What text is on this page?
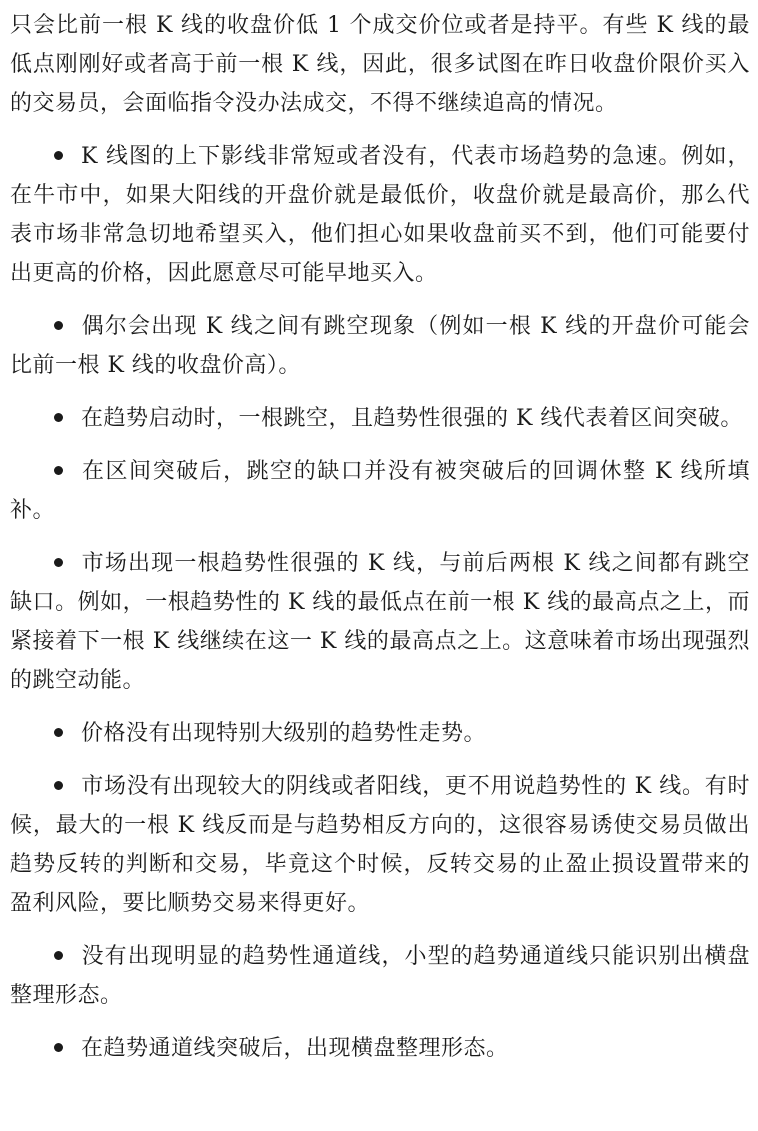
只会比前一根 K 线的收盘价低 1 个成交价位或者是持平。有些 K 线的最低点刚刚好或者高于前一根 K 线，因此，很多试图在昨日收盘价限价买入的交易员，会面临指令没办法成交，不得不继续追高的情况。

K 线图的上下影线非常短或者没有，代表市场趋势的急速。例如，在牛市中，如果大阳线的开盘价就是最低价，收盘价就是最高价，那么代表市场非常急切地希望买入，他们担心如果收盘前买不到，他们可能要付出更高的价格，因此愿意尽可能早地买入。

偶尔会出现 K 线之间有跳空现象（例如一根 K 线的开盘价可能会比前一根 K 线的收盘价高）。

在趋势启动时，一根跳空，且趋势性很强的 K 线代表着区间突破。

在区间突破后，跳空的缺口并没有被突破后的回调休整 K 线所填补。

市场出现一根趋势性很强的 K 线，与前后两根 K 线之间都有跳空缺口。例如，一根趋势性的 K 线的最低点在前一根 K 线的最高点之上，而紧接着下一根 K 线继续在这一 K 线的最高点之上。这意味着市场出现强烈的跳空动能。

价格没有出现特别大级别的趋势性走势。

市场没有出现较大的阴线或者阳线，更不用说趋势性的 K 线。有时候，最大的一根 K 线反而是与趋势相反方向的，这很容易诱使交易员做出趋势反转的判断和交易，毕竟这个时候，反转交易的止盈止损设置带来的盈利风险，要比顺势交易来得更好。

没有出现明显的趋势性通道线，小型的趋势通道线只能识别出横盘整理形态。

在趋势通道线突破后，出现横盘整理形态。
